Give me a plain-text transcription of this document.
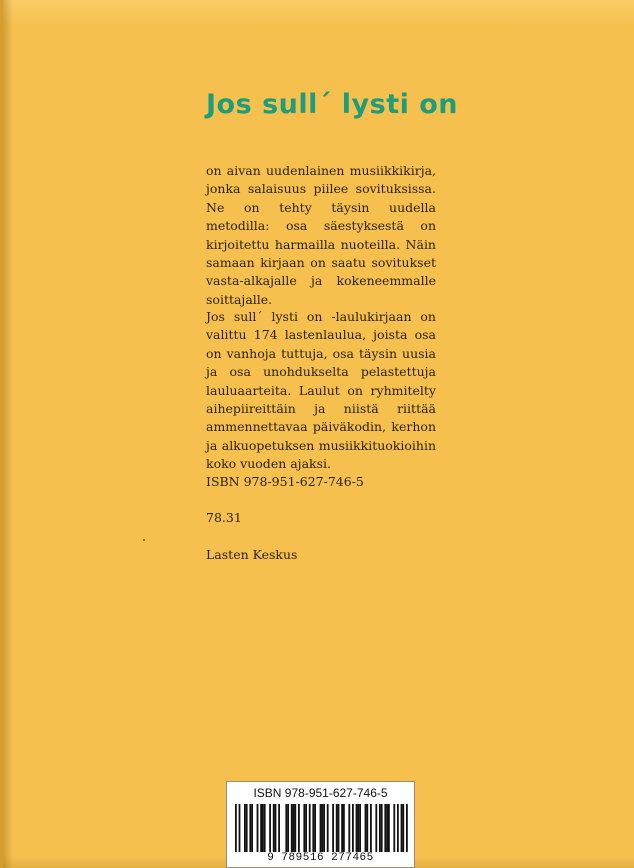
Jos sull´ lysti on

on aivan uudenlainen musiikkikirja, jonka salaisuus piilee sovituksissa. Ne on tehty täysin uudella metodilla: osa säestyksestä on kirjoitettu harmailla nuoteilla. Näin samaan kirjaan on saatu sovitukset vasta-alkajalle ja kokeneemmalle soittajalle.

Jos sull´ lysti on -laulukirjaan on valittu 174 lastenlaulua, joista osa on vanhoja tuttuja, osa täysin uusia ja osa unohdukselta pelastettuja lauluaarteita. Laulut on ryhmitelty aihepiireittäin ja niistä riittää ammennettavaa päiväkodin, kerhon ja alkuopetuksen musiikkituokioihin koko vuoden ajaksi.

ISBN 978-951-627-746-5

78.31

Lasten Keskus

ISBN 978-951-627-746-5
9 789516 277465
